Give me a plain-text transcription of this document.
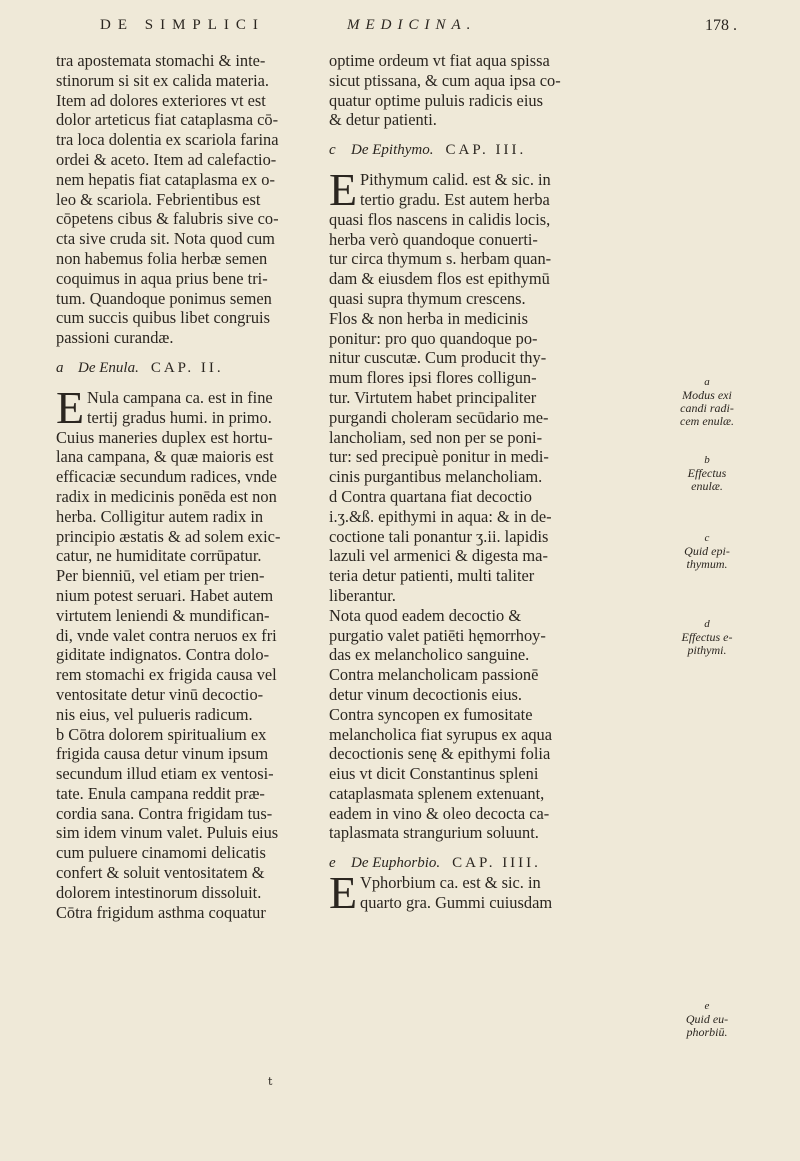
DE SIMPLICI	MEDICINA.	178 .
tra apostemata stomachi & inte-
stinorum si sit ex calida materia.
Item ad dolores exteriores vt est
dolor arteticus fiat cataplasma cō-
tra loca dolentia ex scariola farina
ordei & aceto. Item ad calefactio-
nem hepatis fiat cataplasma ex o-
leo & scariola. Febrientibus est
cōpetens cibus & falubris sive co-
cta sive cruda sit. Nota quod cum
non habemus folia herbæ semen
coquimus in aqua prius bene tri-
tum. Quandoque ponimus semen
cum succis quibus libet congruis
passioni curandæ.
a De Enula. CAP. II.
E Nula campana ca. est in fine
tertij gradus humi. in primo.
Cuius maneries duplex est hortu-
lana campana, & quæ maioris est
efficaciæ secundum radices, vnde
radix in medicinis ponēda est non
herba. Colligitur autem radix in
principio æstatis & ad solem exic-
catur, ne humiditate corrūpatur.
Per bienniū, vel etiam per trien-
nium potest seruari. Habet autem
virtutem leniendi & mundifican-
di, vnde valet contra neruos ex fri
giditate indignatos. Contra dolo-
rem stomachi ex frigida causa vel
ventositate detur vinū decoctio-
nis eius, vel pulueris radicum.
b Cōtra dolorem spiritualium ex
frigida causa detur vinum ipsum
secundum illud etiam ex ventosi-
tate. Enula campana reddit præ-
cordia sana. Contra frigidam tus-
sim idem vinum valet. Puluis eius
cum puluere cinamomi delicatis
confert & soluit ventositatem &
dolorem intestinorum dissoluit.
Cōtra frigidum asthma coquatur
optime ordeum vt fiat aqua spissa
sicut ptissana, & cum aqua ipsa co-
quatur optime puluis radicis eius
& detur patienti.
c De Epithymo. CAP. III.
E Pithymum calid. est & sic. in
tertio gradu. Est autem herba
quasi flos nascens in calidis locis,
herba verò quandoque conuerti-
tur circa thymum s. herbam quan-
dam & eiusdem flos est epithymū
quasi supra thymum crescens.
Flos & non herba in medicinis
ponitur: pro quo quandoque po-
nitur cuscutæ. Cum producit thy-
mum flores ipsi flores colligun-
tur. Virtutem habet principaliter
purgandi choleram secūdario me-
lancholiam, sed non per se poni-
tur: sed precipuè ponitur in medi-
cinis purgantibus melancholiam.
d Contra quartana fiat decoctio
i.ʒ.&ß. epithymi in aqua: & in de-
coctione tali ponantur ʒ.ii. lapidis
lazuli vel armenici & digesta ma-
teria detur patienti, multi taliter
liberantur.
Nota quod eadem decoctio &
purgatio valet patiēti hęmorrhoy-
das ex melancholico sanguine.
Contra melancholicam passionē
detur vinum decoctionis eius.
Contra syncopen ex fumositate
melancholica fiat syrupus ex aqua
decoctionis senę & epithymi folia
eius vt dicit Constantinus spleni
cataplasmata splenem extenuant,
eadem in vino & oleo decocta ca-
taplasmata strangurium soluunt.
e De Euphorbio. CAP. IIII.
E Vphorbium ca. est & sic. in
quarto gra. Gummi cuiusdam
a
Modus exi
candi radi-
cem enulæ.
b
Effectus
enulæ.
c
Quid epi-
thymum.
d
Effectus e-
pithymi.
e
Quid eu-
phorbiū.
t
